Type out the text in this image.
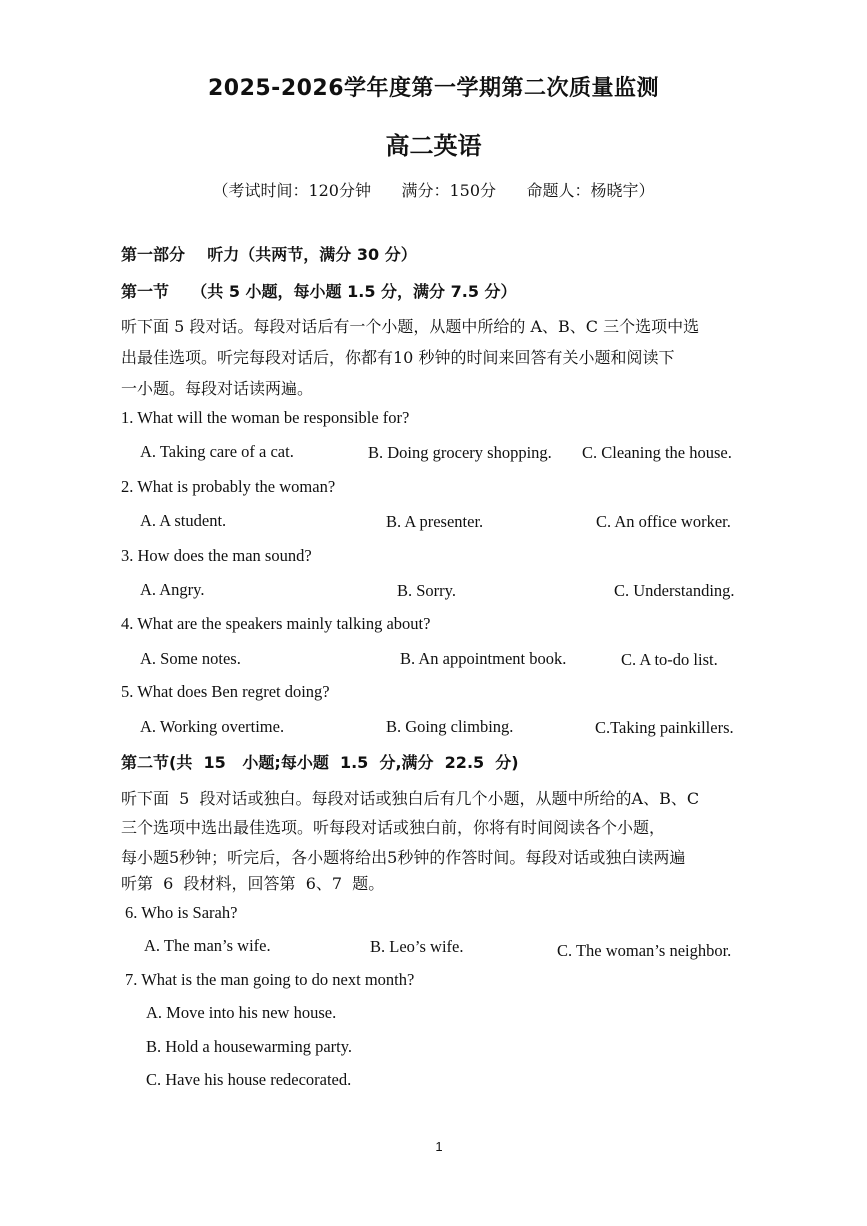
2025-2026学年度第一学期第二次质量监测
高二英语
（考试时间：120分钟      满分：150分      命题人：杨晓宇）
第一部分    听力（共两节，满分 30 分）
第一节    （共 5 小题，每小题 1.5 分，满分 7.5 分）
听下面 5 段对话。每段对话后有一个小题，从题中所给的 A、B、C 三个选项中选
出最佳选项。听完每段对话后，你都有10 秒钟的时间来回答有关小题和阅读下
一小题。每段对话读两遍。
1. What will the woman be responsible for?
A. Taking care of a cat.	B. Doing grocery shopping. C. Cleaning the house.
2. What is probably the woman?
A. A student.	B. A presenter.	C. An office worker.
3. How does the man sound?
A. Angry.	B. Sorry.	C. Understanding.
4. What are the speakers mainly talking about?
A. Some notes.	B. An appointment book.	C. A to-do list.
5. What does Ben regret doing?
A. Working overtime.	B. Going climbing.	C.Taking painkillers.
第二节(共  15   小题;每小题  1.5  分,满分  22.5  分)
听下面  5  段对话或独白。每段对话或独白后有几个小题，从题中所给的A、B、C
三个选项中选出最佳选项。听每段对话或独白前，你将有时间阅读各个小题，
每小题5秒钟；听完后，各小题将给出5秒钟的作答时间。每段对话或独白读两遍
听第  6  段材料，回答第  6、7  题。
6. Who is Sarah?
A. The man’s wife.	B. Leo’s wife.	C. The woman’s neighbor.
7. What is the man going to do next month?
A. Move into his new house.
B. Hold a housewarming party.
C. Have his house redecorated.
1
